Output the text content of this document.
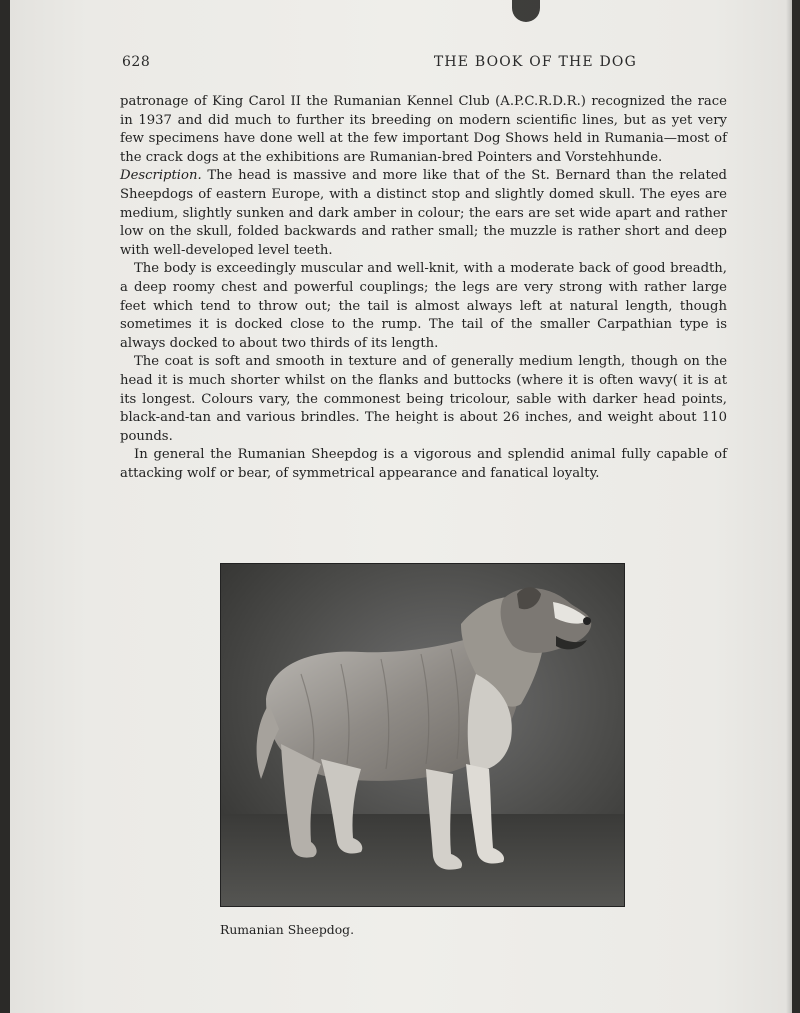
628	THE BOOK OF THE DOG

patronage of King Carol II the Rumanian Kennel Club (A.P.C.R.D.R.) recognized the race in 1937 and did much to further its breeding on modern scientific lines, but as yet very few specimens have done well at the few important Dog Shows held in Rumania—most of the crack dogs at the exhibitions are Rumanian-bred Pointers and Vorstehhunde.

Description. The head is massive and more like that of the St. Bernard than the related Sheepdogs of eastern Europe, with a distinct stop and slightly domed skull. The eyes are medium, slightly sunken and dark amber in colour; the ears are set wide apart and rather low on the skull, folded backwards and rather small; the muzzle is rather short and deep with well-developed level teeth.

The body is exceedingly muscular and well-knit, with a moderate back of good breadth, a deep roomy chest and powerful couplings; the legs are very strong with rather large feet which tend to throw out; the tail is almost always left at natural length, though sometimes it is docked close to the rump. The tail of the smaller Carpathian type is always docked to about two thirds of its length.

The coat is soft and smooth in texture and of generally medium length, though on the head it is much shorter whilst on the flanks and buttocks (where it is often wavy( it is at its longest. Colours vary, the commonest being tricolour, sable with darker head points, black-and-tan and various brindles. The height is about 26 inches, and weight about 110 pounds.

In general the Rumanian Sheepdog is a vigorous and splendid animal fully capable of attacking wolf or bear, of symmetrical appearance and fanatical loyalty.

Rumanian Sheepdog.
